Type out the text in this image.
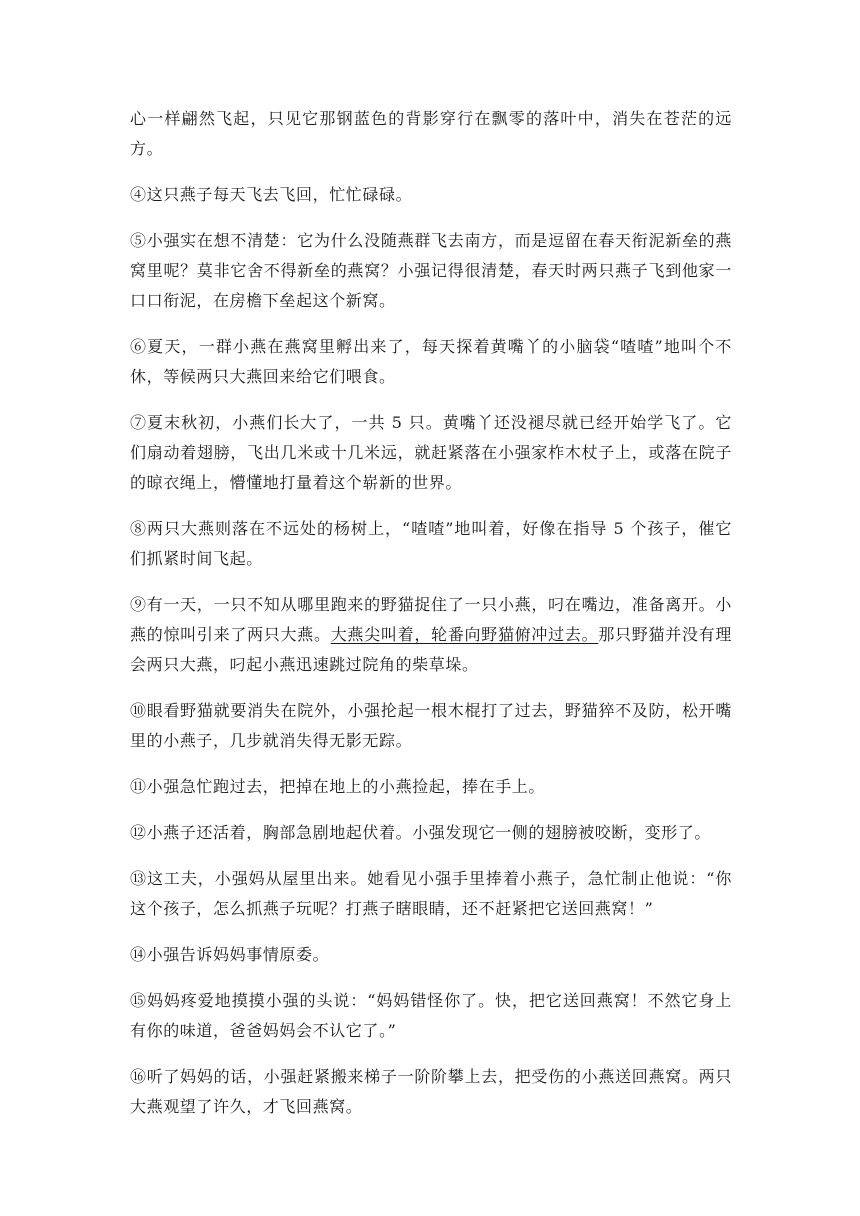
心一样翩然飞起，只见它那钢蓝色的背影穿行在飘零的落叶中，消失在苍茫的远方。

④这只燕子每天飞去飞回，忙忙碌碌。

⑤小强实在想不清楚：它为什么没随燕群飞去南方，而是逗留在春天衔泥新垒的燕窝里呢？莫非它舍不得新垒的燕窝？小强记得很清楚，春天时两只燕子飞到他家一口口衔泥，在房檐下垒起这个新窝。

⑥夏天，一群小燕在燕窝里孵出来了，每天探着黄嘴丫的小脑袋“喳喳”地叫个不休，等候两只大燕回来给它们喂食。

⑦夏末秋初，小燕们长大了，一共 5 只。黄嘴丫还没褪尽就已经开始学飞了。它们扇动着翅膀，飞出几米或十几米远，就赶紧落在小强家柞木杖子上，或落在院子的晾衣绳上，懵懂地打量着这个崭新的世界。

⑧两只大燕则落在不远处的杨树上，“喳喳”地叫着，好像在指导 5 个孩子，催它们抓紧时间飞起。

⑨有一天，一只不知从哪里跑来的野猫捉住了一只小燕，叼在嘴边，准备离开。小燕的惊叫引来了两只大燕。大燕尖叫着，轮番向野猫俯冲过去。那只野猫并没有理会两只大燕，叼起小燕迅速跳过院角的柴草垛。

⑩眼看野猫就要消失在院外，小强抡起一根木棍打了过去，野猫猝不及防，松开嘴里的小燕子，几步就消失得无影无踪。

⑪小强急忙跑过去，把掉在地上的小燕捡起，捧在手上。

⑫小燕子还活着，胸部急剧地起伏着。小强发现它一侧的翅膀被咬断，变形了。

⑬这工夫，小强妈从屋里出来。她看见小强手里捧着小燕子，急忙制止他说：“你这个孩子，怎么抓燕子玩呢？打燕子瞎眼睛，还不赶紧把它送回燕窝！”

⑭小强告诉妈妈事情原委。

⑮妈妈疼爱地摸摸小强的头说：“妈妈错怪你了。快，把它送回燕窝！不然它身上有你的味道，爸爸妈妈会不认它了。”

⑯听了妈妈的话，小强赶紧搬来梯子一阶阶攀上去，把受伤的小燕送回燕窝。两只大燕观望了许久，才飞回燕窝。
